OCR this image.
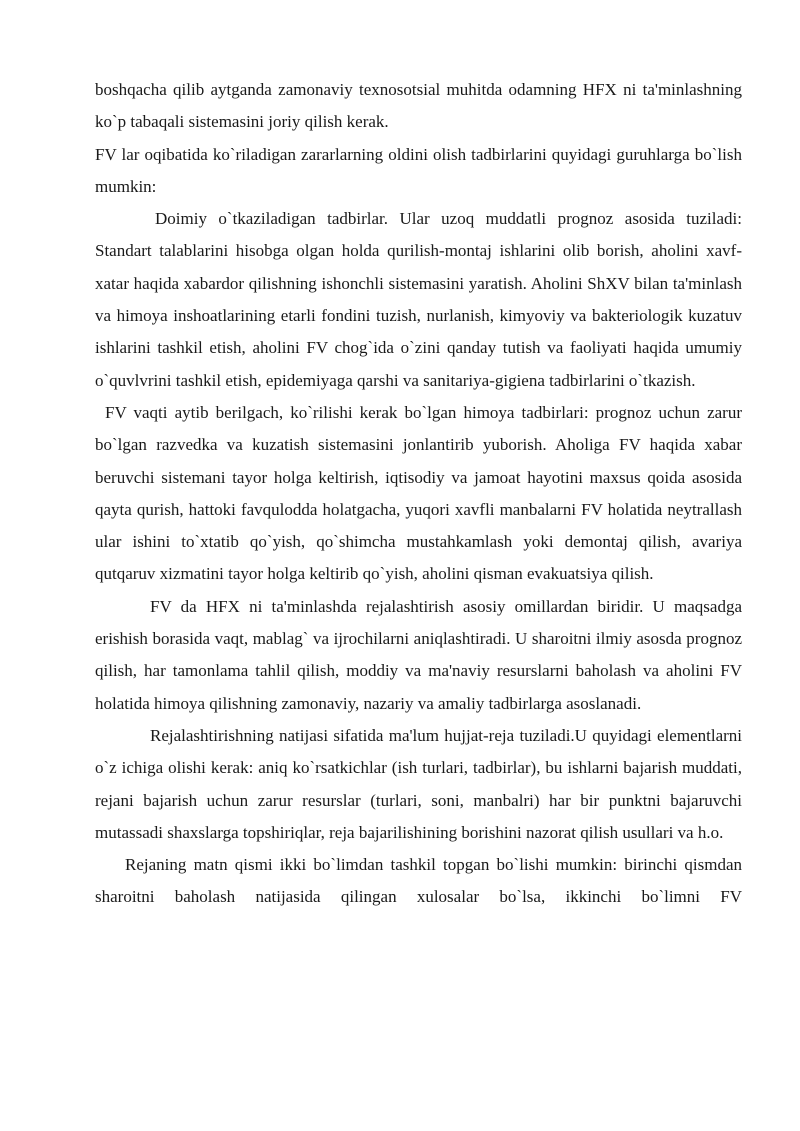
boshqacha qilib aytganda zamonaviy texnosotsial muhitda odamning HFX ni ta'minlashning ko`p tabaqali sistemasini joriy qilish kerak.

FV lar oqibatida ko`riladigan zararlarning oldini olish tadbirlarini quyidagi guruhlarga bo`lish mumkin:

Doimiy o`tkaziladigan tadbirlar. Ular uzoq muddatli prognoz asosida tuziladi: Standart talablarini hisobga olgan holda qurilish-montaj ishlarini olib borish, aholini xavf-xatar haqida xabardor qilishning ishonchli sistemasini yaratish. Aholini ShXV bilan ta'minlash va himoya inshoatlarining etarli fondini tuzish, nurlanish, kimyoviy va bakteriologik kuzatuv ishlarini tashkil etish, aholini FV chog`ida o`zini qanday tutish va faoliyati haqida umumiy o`quvlvrini tashkil etish, epidemiyaga qarshi va sanitariya-gigiena tadbirlarini o`tkazish.

FV vaqti aytib berilgach, ko`rilishi kerak bo`lgan himoya tadbirlari: prognoz uchun zarur bo`lgan razvedka va kuzatish sistemasini jonlantirib yuborish. Aholiga FV haqida xabar beruvchi sistemani tayor holga keltirish, iqtisodiy va jamoat hayotini maxsus qoida asosida qayta qurish, hattoki favqulodda holatgacha, yuqori xavfli manbalarni FV holatida neytrallash ular ishini to`xtatib qo`yish, qo`shimcha mustahkamlash yoki demontaj qilish, avariya qutqaruv xizmatini tayor holga keltirib qo`yish, aholini qisman evakuatsiya qilish.

FV da HFX ni ta'minlashda rejalashtirish asosiy omillardan biridir. U maqsadga erishish borasida vaqt, mablag` va ijrochilarni aniqlashtiradi. U sharoitni ilmiy asosda prognoz qilish, har tamonlama tahlil qilish, moddiy va ma'naviy resurslarni baholash va aholini FV holatida himoya qilishning zamonaviy, nazariy va amaliy tadbirlarga asoslanadi.

Rejalashtirishning natijasi sifatida ma'lum hujjat-reja tuziladi.U quyidagi elementlarni o`z ichiga olishi kerak: aniq ko`rsatkichlar (ish turlari, tadbirlar), bu ishlarni bajarish muddati, rejani bajarish uchun zarur resurslar (turlari, soni, manbalri) har bir punktni bajaruvchi mutassadi shaxslarga topshiriqlar, reja bajarilishining borishini nazorat qilish usullari va h.o.

Rejaning matn qismi ikki bo`limdan tashkil topgan bo`lishi mumkin: birinchi qismdan sharoitni baholash natijasida qilingan xulosalar bo`lsa, ikkinchi bo`limni FV
